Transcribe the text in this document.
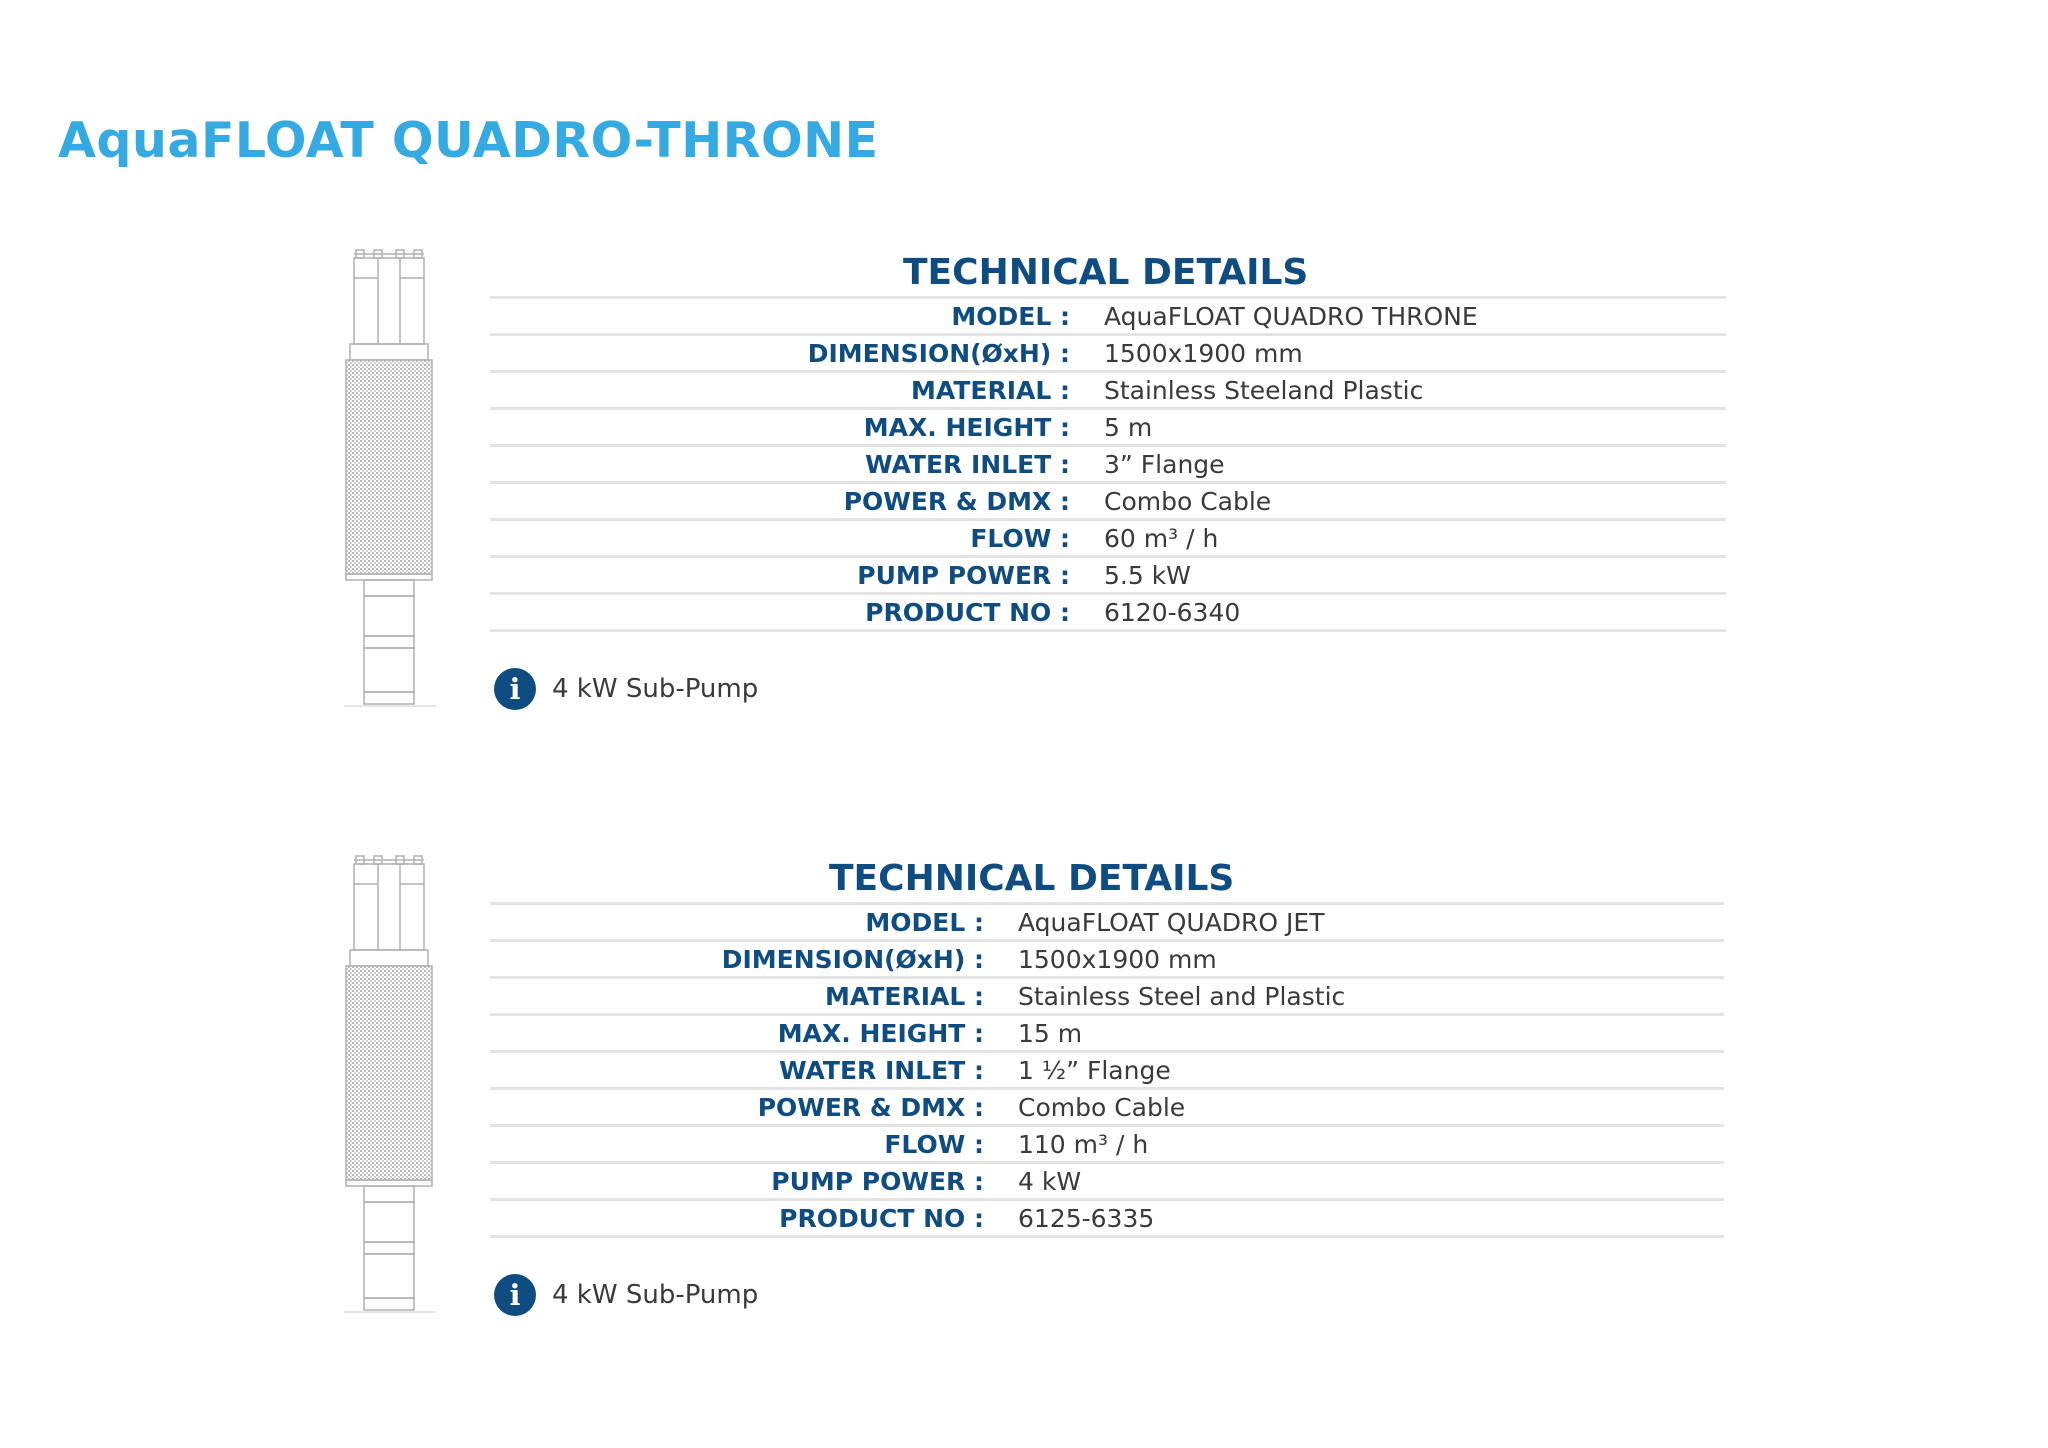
AquaFLOAT QUADRO-THRONE
TECHNICAL DETAILS
MODEL :	AquaFLOAT QUADRO THRONE
DIMENSION(ØxH) :	1500x1900 mm
MATERIAL :	Stainless Steeland Plastic
MAX. HEIGHT :	5 m
WATER INLET :	3” Flange
POWER & DMX :	Combo Cable
FLOW :	60 m³ / h
PUMP POWER :	5.5 kW
PRODUCT NO :	6120-6340
i	4 kW Sub-Pump
TECHNICAL DETAILS
MODEL :	AquaFLOAT QUADRO JET
DIMENSION(ØxH) :	1500x1900 mm
MATERIAL :	Stainless Steel and Plastic
MAX. HEIGHT :	15 m
WATER INLET :	1 ½” Flange
POWER & DMX :	Combo Cable
FLOW :	110 m³ / h
PUMP POWER :	4 kW
PRODUCT NO :	6125-6335
i	4 kW Sub-Pump
